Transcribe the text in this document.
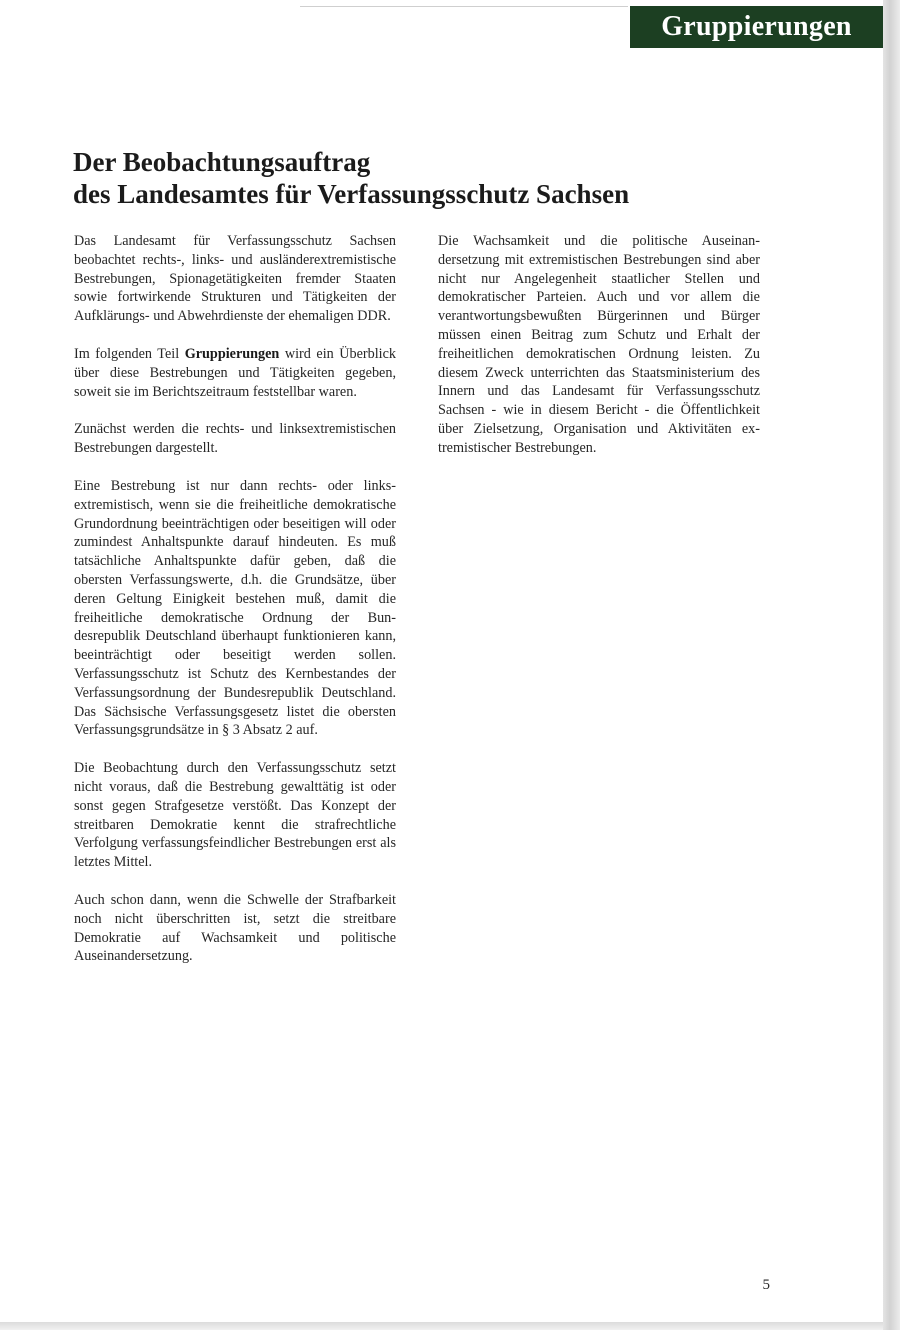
Gruppierungen
Der Beobachtungsauftrag
des Landesamtes für Verfassungsschutz Sachsen

Das Landesamt für Verfassungsschutz Sachsen beobachtet rechts-, links- und ausländerextremistische Bestrebungen, Spionagetätigkeiten fremder Staaten sowie fortwirkende Strukturen und Tätigkeiten der Aufklärungs- und Abwehrdienste der ehemaligen DDR.

Im folgenden Teil Gruppierungen wird ein Überblick über diese Bestrebungen und Tätigkeiten gegeben, soweit sie im Berichtszeitraum feststellbar waren.

Zunächst werden die rechts- und linksextremistischen Bestrebungen dargestellt.

Eine Bestrebung ist nur dann rechts- oder linksextremistisch, wenn sie die freiheitliche demokratische Grundordnung beeinträchtigen oder beseitigen will oder zumindest Anhaltspunkte darauf hindeuten. Es muß tatsächliche Anhaltspunkte dafür geben, daß die obersten Verfassungswerte, d.h. die Grundsätze, über deren Geltung Einigkeit bestehen muß, damit die freiheitliche demokratische Ordnung der Bundesrepublik Deutschland überhaupt funktionieren kann, beeinträchtigt oder beseitigt werden sollen. Verfassungsschutz ist Schutz des Kernbestandes der Verfassungsordnung der Bundesrepublik Deutschland. Das Sächsische Verfassungsgesetz listet die obersten Verfassungsgrundsätze in § 3 Absatz 2 auf.

Die Beobachtung durch den Verfassungsschutz setzt nicht voraus, daß die Bestrebung gewalttätig ist oder sonst gegen Strafgesetze verstößt. Das Konzept der streitbaren Demokratie kennt die strafrechtliche Verfolgung verfassungsfeindlicher Bestrebungen erst als letztes Mittel.

Auch schon dann, wenn die Schwelle der Strafbarkeit noch nicht überschritten ist, setzt die streitbare Demokratie auf Wachsamkeit und politische Auseinandersetzung.

Die Wachsamkeit und die politische Auseinandersetzung mit extremistischen Bestrebungen sind aber nicht nur Angelegenheit staatlicher Stellen und demokratischer Parteien. Auch und vor allem die verantwortungsbewußten Bürgerinnen und Bürger müssen einen Beitrag zum Schutz und Erhalt der freiheitlichen demokratischen Ordnung leisten. Zu diesem Zweck unterrichten das Staatsministerium des Innern und das Landesamt für Verfassungsschutz Sachsen - wie in diesem Bericht - die Öffentlichkeit über Zielsetzung, Organisation und Aktivitäten extremistischer Bestrebungen.

5
